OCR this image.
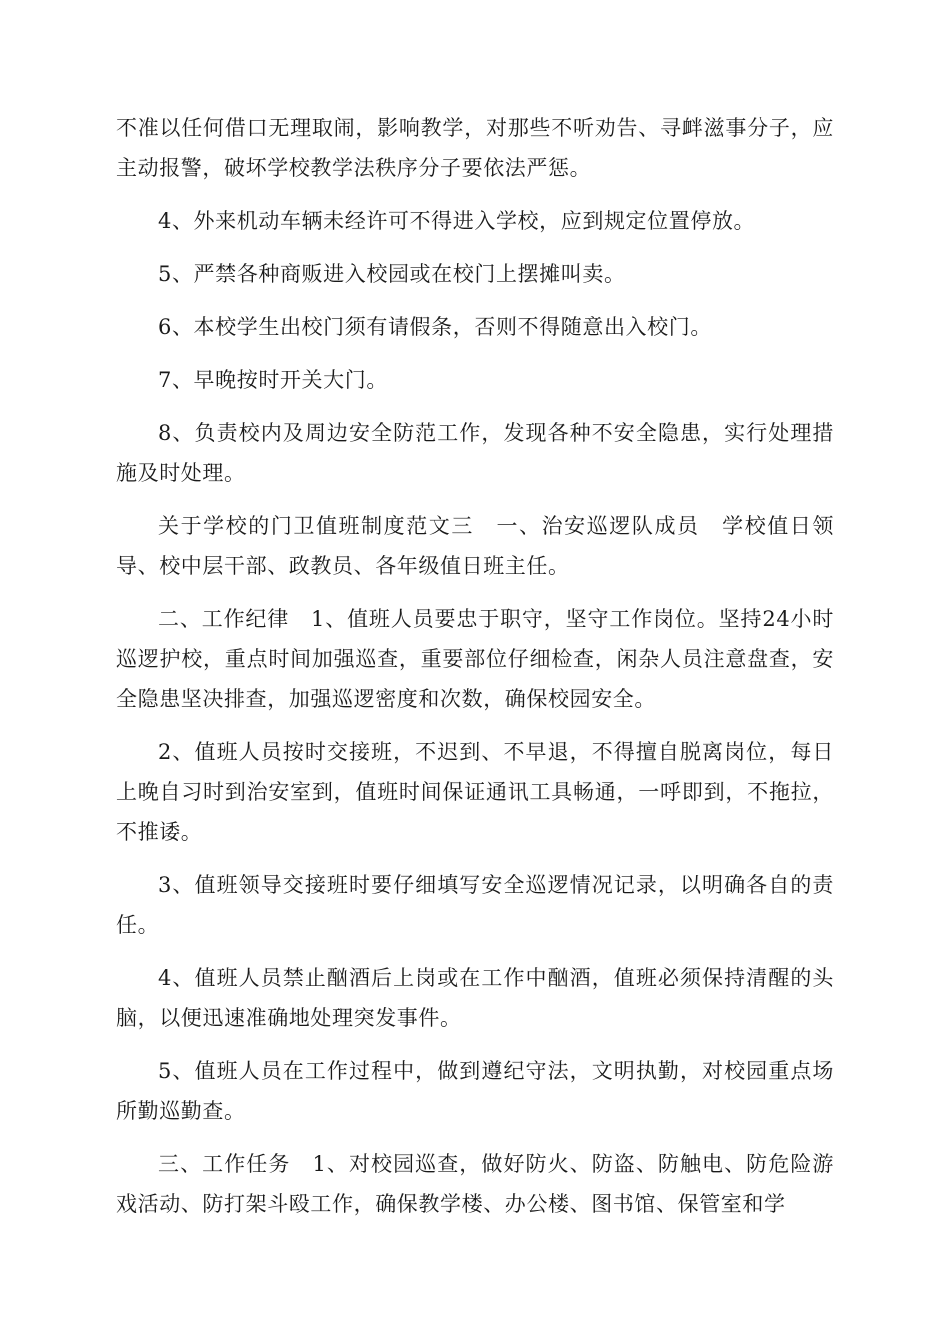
不准以任何借口无理取闹，影响教学，对那些不听劝告、寻衅滋事分子，应主动报警，破坏学校教学法秩序分子要依法严惩。

4、外来机动车辆未经许可不得进入学校，应到规定位置停放。

5、严禁各种商贩进入校园或在校门上摆摊叫卖。

6、本校学生出校门须有请假条，否则不得随意出入校门。

7、早晚按时开关大门。

8、负责校内及周边安全防范工作，发现各种不安全隐患，实行处理措施及时处理。

关于学校的门卫值班制度范文三　一、治安巡逻队成员　学校值日领导、校中层干部、政教员、各年级值日班主任。

二、工作纪律　1、值班人员要忠于职守，坚守工作岗位。坚持24小时巡逻护校，重点时间加强巡查，重要部位仔细检查，闲杂人员注意盘查，安全隐患坚决排查，加强巡逻密度和次数，确保校园安全。

2、值班人员按时交接班，不迟到、不早退，不得擅自脱离岗位，每日上晚自习时到治安室到，值班时间保证通讯工具畅通，一呼即到，不拖拉，不推诿。

3、值班领导交接班时要仔细填写安全巡逻情况记录，以明确各自的责任。

4、值班人员禁止酗酒后上岗或在工作中酗酒，值班必须保持清醒的头脑，以便迅速准确地处理突发事件。

5、值班人员在工作过程中，做到遵纪守法，文明执勤，对校园重点场所勤巡勤查。

三、工作任务　1、对校园巡查，做好防火、防盗、防触电、防危险游戏活动、防打架斗殴工作，确保教学楼、办公楼、图书馆、保管室和学
